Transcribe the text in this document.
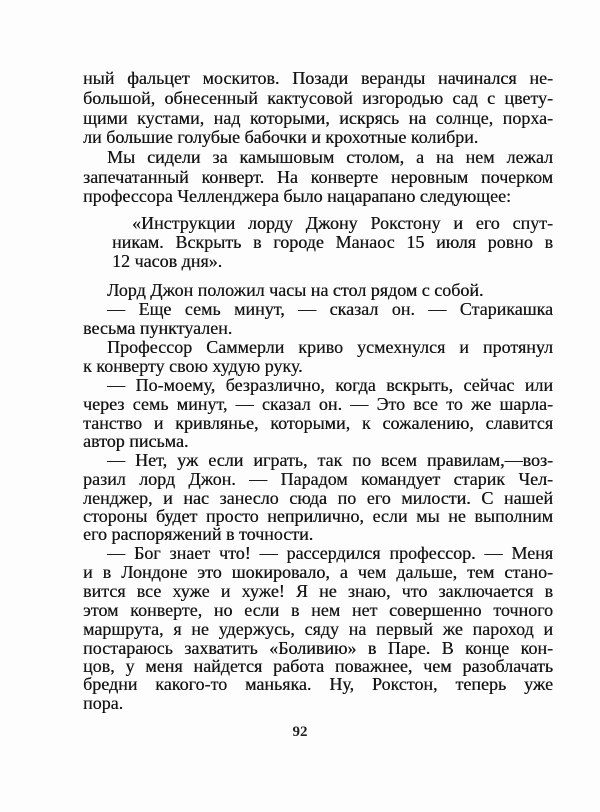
ный фальцет москитов. Позади веранды начинался не-
большой, обнесенный кактусовой изгородью сад с цвету-
щими кустами, над которыми, искрясь на солнце, порха-
ли большие голубые бабочки и крохотные колибри.
Мы сидели за камышовым столом, а на нем лежал
запечатанный конверт. На конверте неровным почерком
профессора Челленджера было нацарапано следующее:
«Инструкции лорду Джону Рокстону и его спут-
никам. Вскрыть в городе Манаос 15 июля ровно в
12 часов дня».
Лорд Джон положил часы на стол рядом с собой.
— Еще семь минут, — сказал он. — Старикашка
весьма пунктуален.
Профессор Саммерли криво усмехнулся и протянул
к конверту свою худую руку.
— По-моему, безразлично, когда вскрыть, сейчас или
через семь минут, — сказал он. — Это все то же шарла-
танство и кривлянье, которыми, к сожалению, славится
автор письма.
— Нет, уж если играть, так по всем правилам,—воз-
разил лорд Джон. — Парадом командует старик Чел-
ленджер, и нас занесло сюда по его милости. С нашей
стороны будет просто неприлично, если мы не выполним
его распоряжений в точности.
— Бог знает что! — рассердился профессор. — Меня
и в Лондоне это шокировало, а чем дальше, тем стано-
вится все хуже и хуже! Я не знаю, что заключается в
этом конверте, но если в нем нет совершенно точного
маршрута, я не удержусь, сяду на первый же пароход и
постараюсь захватить «Боливию» в Паре. В конце кон-
цов, у меня найдется работа поважнее, чем разоблачать
бредни какого-то маньяка. Ну, Рокстон, теперь уже
пора.
92
